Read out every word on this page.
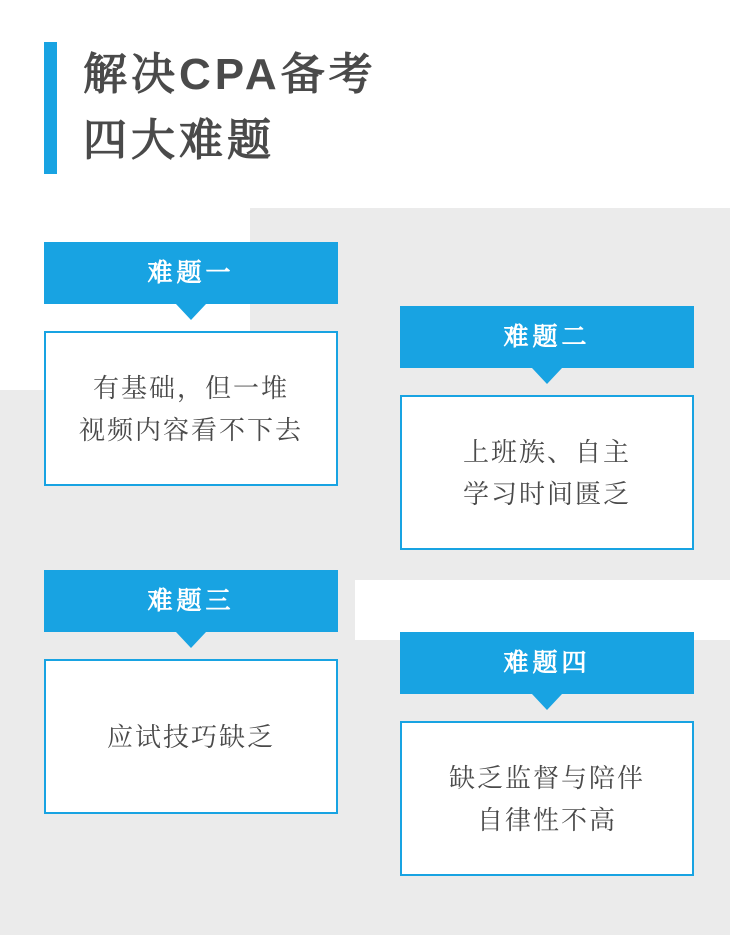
解决CPA备考
四大难题
难题一
有基础，但一堆
视频内容看不下去
难题二
上班族、自主
学习时间匮乏
难题三
应试技巧缺乏
难题四
缺乏监督与陪伴
自律性不高
